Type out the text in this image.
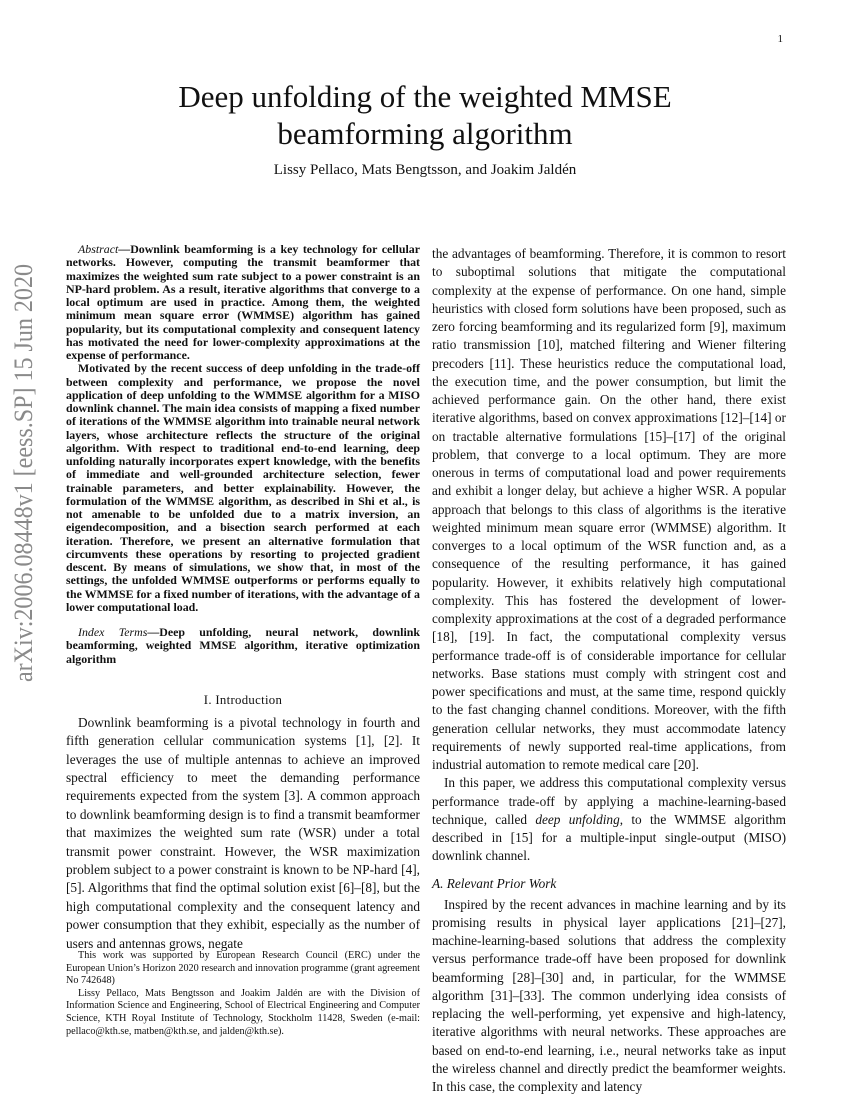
1
arXiv:2006.08448v1 [eess.SP] 15 Jun 2020
Deep unfolding of the weighted MMSE beamforming algorithm
Lissy Pellaco, Mats Bengtsson, and Joakim Jaldén

Abstract—Downlink beamforming is a key technology for cellular networks. However, computing the transmit beamformer that maximizes the weighted sum rate subject to a power constraint is an NP-hard problem. As a result, iterative algorithms that converge to a local optimum are used in practice. Among them, the weighted minimum mean square error (WMMSE) algorithm has gained popularity, but its computational complexity and consequent latency has motivated the need for lower-complexity approximations at the expense of performance.

Motivated by the recent success of deep unfolding in the trade-off between complexity and performance, we propose the novel application of deep unfolding to the WMMSE algorithm for a MISO downlink channel. The main idea consists of mapping a fixed number of iterations of the WMMSE algorithm into trainable neural network layers, whose architecture reflects the structure of the original algorithm. With respect to traditional end-to-end learning, deep unfolding naturally incorporates expert knowledge, with the benefits of immediate and well-grounded architecture selection, fewer trainable parameters, and better explainability. However, the formulation of the WMMSE algorithm, as described in Shi et al., is not amenable to be unfolded due to a matrix inversion, an eigendecomposition, and a bisection search performed at each iteration. Therefore, we present an alternative formulation that circumvents these operations by resorting to projected gradient descent. By means of simulations, we show that, in most of the settings, the unfolded WMMSE outperforms or performs equally to the WMMSE for a fixed number of iterations, with the advantage of a lower computational load.

Index Terms—Deep unfolding, neural network, downlink beamforming, weighted MMSE algorithm, iterative optimization algorithm

I. Introduction

Downlink beamforming is a pivotal technology in fourth and fifth generation cellular communication systems [1], [2]. It leverages the use of multiple antennas to achieve an improved spectral efficiency to meet the demanding performance requirements expected from the system [3]. A common approach to downlink beamforming design is to find a transmit beamformer that maximizes the weighted sum rate (WSR) under a total transmit power constraint. However, the WSR maximization problem subject to a power constraint is known to be NP-hard [4], [5]. Algorithms that find the optimal solution exist [6]–[8], but the high computational complexity and the consequent latency and power consumption that they exhibit, especially as the number of users and antennas grows, negate

the advantages of beamforming. Therefore, it is common to resort to suboptimal solutions that mitigate the computational complexity at the expense of performance. On one hand, simple heuristics with closed form solutions have been proposed, such as zero forcing beamforming and its regularized form [9], maximum ratio transmission [10], matched filtering and Wiener filtering precoders [11]. These heuristics reduce the computational load, the execution time, and the power consumption, but limit the achieved performance gain. On the other hand, there exist iterative algorithms, based on convex approximations [12]–[14] or on tractable alternative formulations [15]–[17] of the original problem, that converge to a local optimum. They are more onerous in terms of computational load and power requirements and exhibit a longer delay, but achieve a higher WSR. A popular approach that belongs to this class of algorithms is the iterative weighted minimum mean square error (WMMSE) algorithm. It converges to a local optimum of the WSR function and, as a consequence of the resulting performance, it has gained popularity. However, it exhibits relatively high computational complexity. This has fostered the development of lower-complexity approximations at the cost of a degraded performance [18], [19]. In fact, the computational complexity versus performance trade-off is of considerable importance for cellular networks. Base stations must comply with stringent cost and power specifications and must, at the same time, respond quickly to the fast changing channel conditions. Moreover, with the fifth generation cellular networks, they must accommodate latency requirements of newly supported real-time applications, from industrial automation to remote medical care [20].

In this paper, we address this computational complexity versus performance trade-off by applying a machine-learning-based technique, called deep unfolding, to the WMMSE algorithm described in [15] for a multiple-input single-output (MISO) downlink channel.

A. Relevant Prior Work

Inspired by the recent advances in machine learning and by its promising results in physical layer applications [21]–[27], machine-learning-based solutions that address the complexity versus performance trade-off have been proposed for downlink beamforming [28]–[30] and, in particular, for the WMMSE algorithm [31]–[33]. The common underlying idea consists of replacing the well-performing, yet expensive and high-latency, iterative algorithms with neural networks. These approaches are based on end-to-end learning, i.e., neural networks take as input the wireless channel and directly predict the beamformer weights. In this case, the complexity and latency

This work was supported by European Research Council (ERC) under the European Union’s Horizon 2020 research and innovation programme (grant agreement No 742648)

Lissy Pellaco, Mats Bengtsson and Joakim Jaldén are with the Division of Information Science and Engineering, School of Electrical Engineering and Computer Science, KTH Royal Institute of Technology, Stockholm 11428, Sweden (e-mail: pellaco@kth.se, matben@kth.se, and jalden@kth.se).
